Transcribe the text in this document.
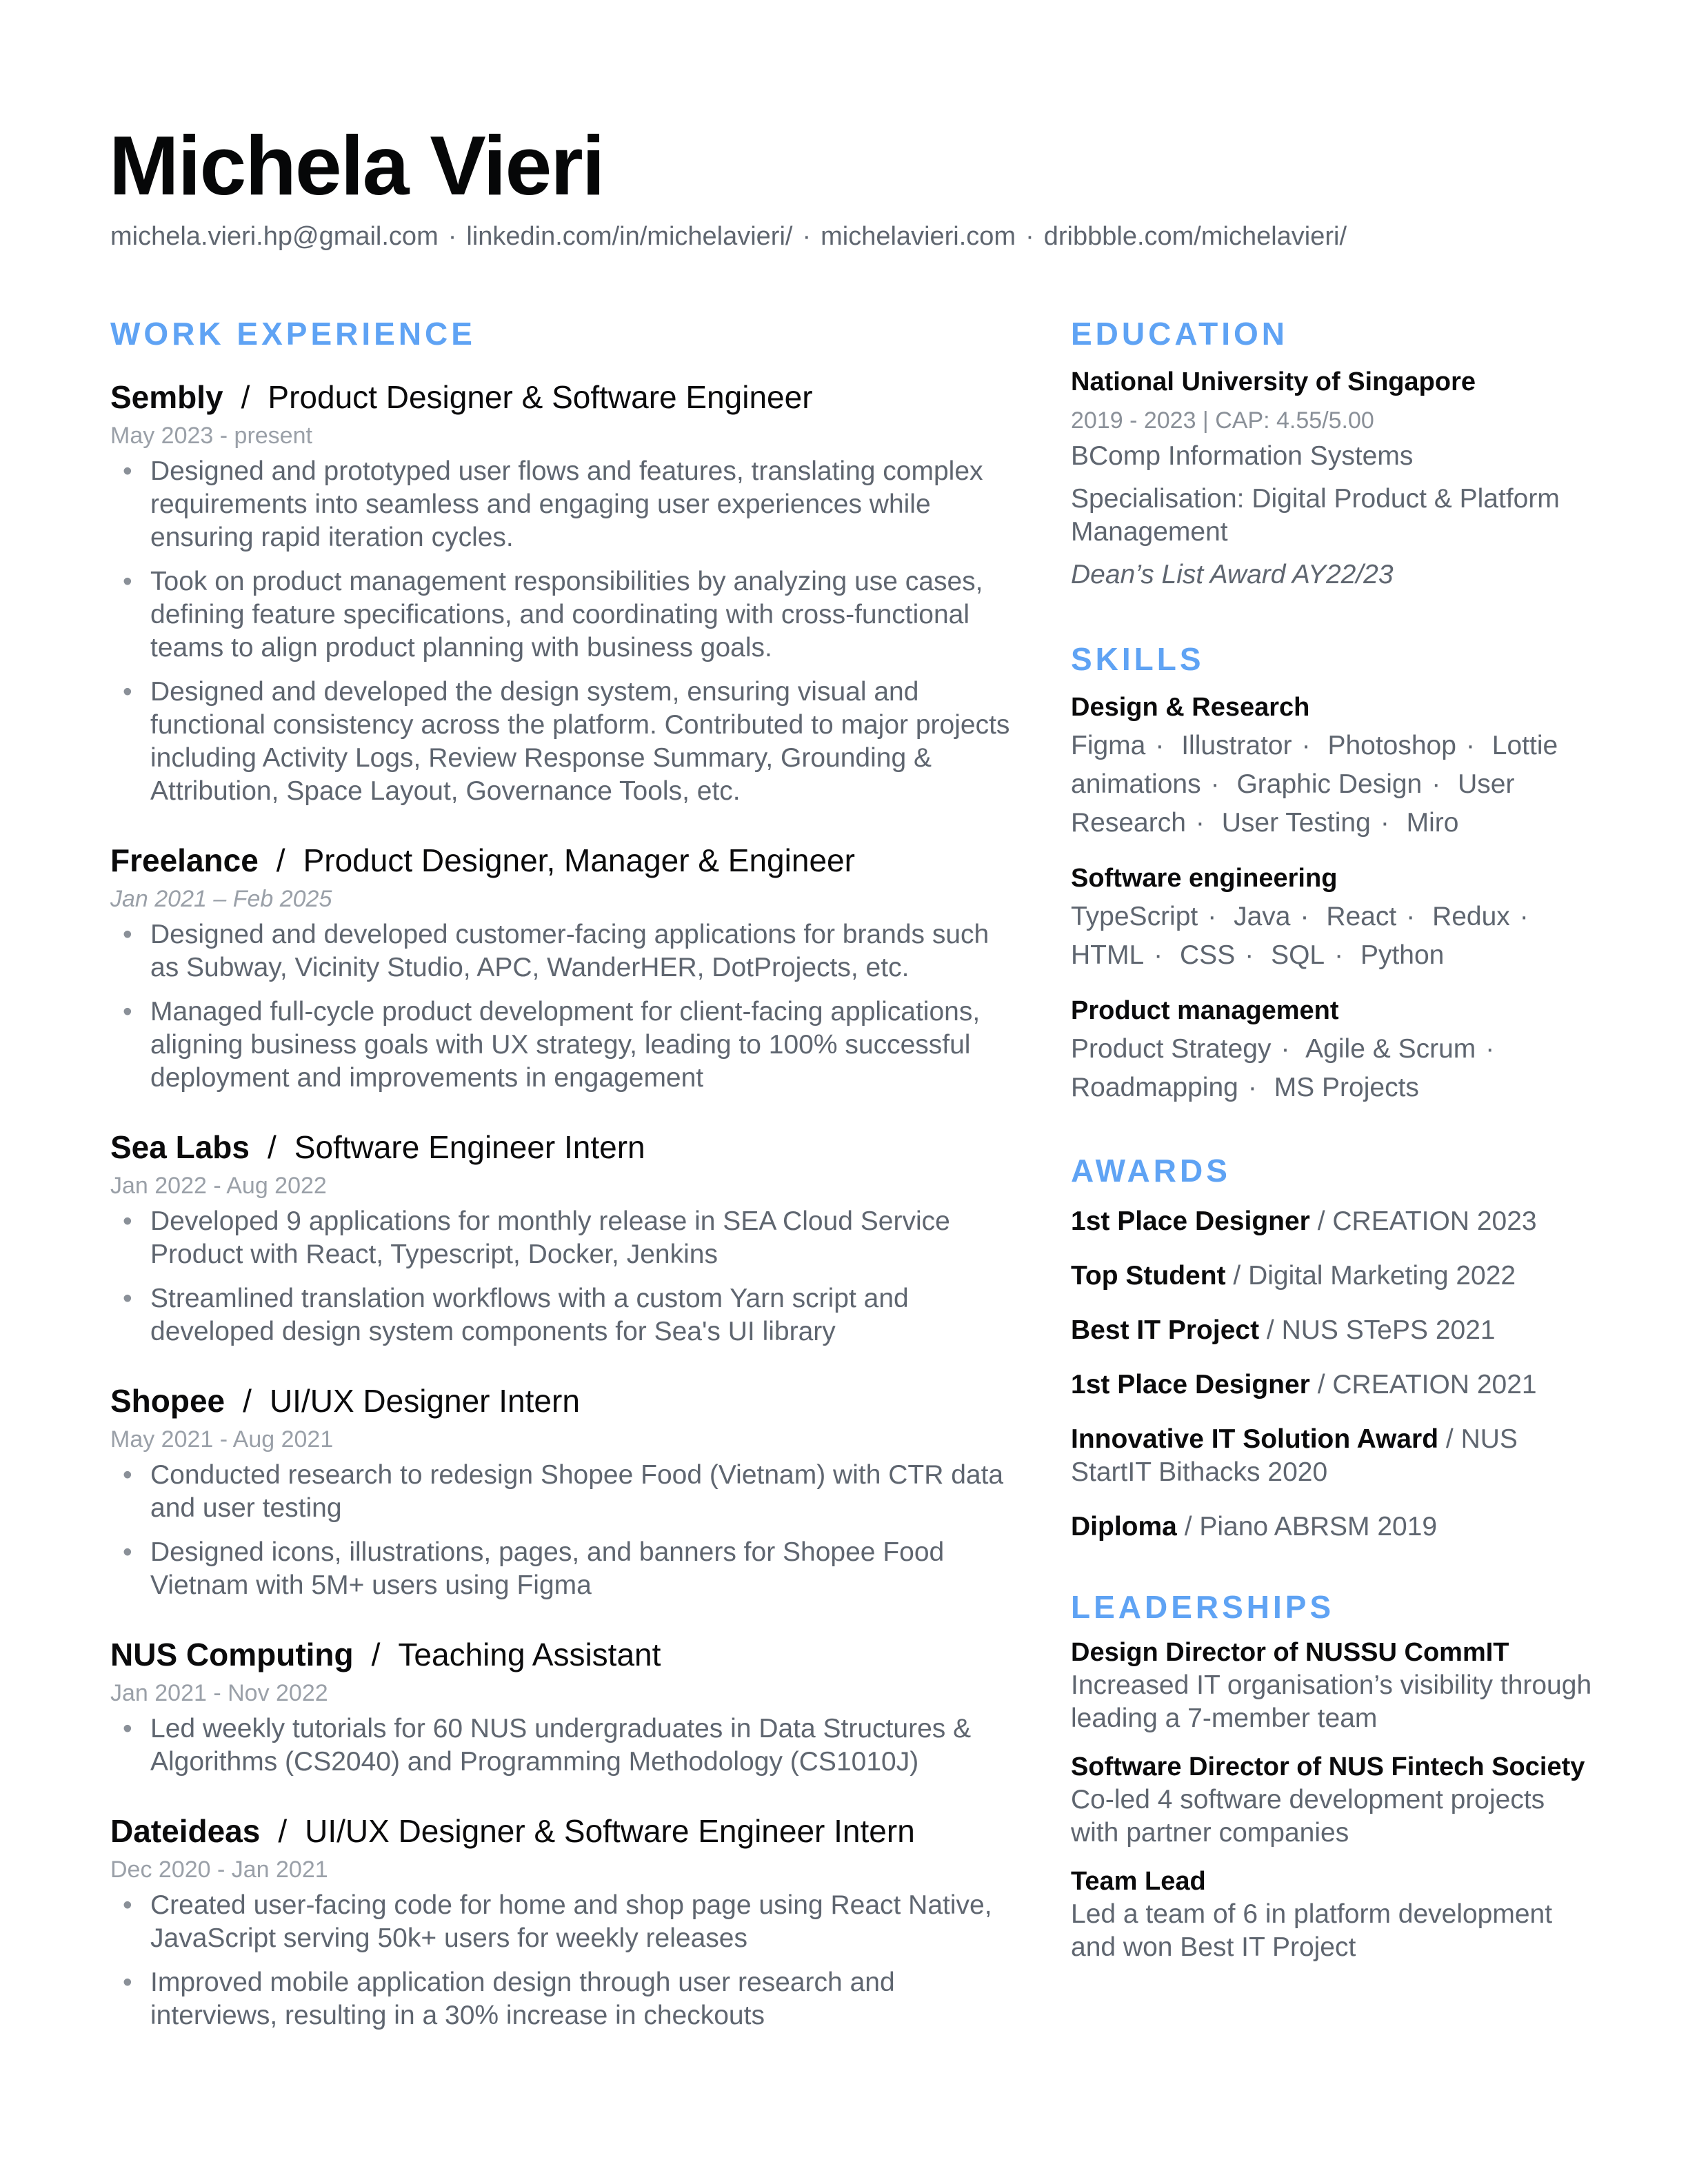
Michela Vieri
michela.vieri.hp@gmail.com · linkedin.com/in/michelavieri/ · michelavieri.com · dribbble.com/michelavieri/
WORK EXPERIENCE
Sembly / Product Designer & Software Engineer
May 2023 - present
• Designed and prototyped user flows and features, translating complex requirements into seamless and engaging user experiences while ensuring rapid iteration cycles.
• Took on product management responsibilities by analyzing use cases, defining feature specifications, and coordinating with cross-functional teams to align product planning with business goals.
• Designed and developed the design system, ensuring visual and functional consistency across the platform. Contributed to major projects including Activity Logs, Review Response Summary, Grounding & Attribution, Space Layout, Governance Tools, etc.
Freelance / Product Designer, Manager & Engineer
Jan 2021 – Feb 2025
• Designed and developed customer-facing applications for brands such as Subway, Vicinity Studio, APC, WanderHER, DotProjects, etc.
• Managed full-cycle product development for client-facing applications, aligning business goals with UX strategy, leading to 100% successful deployment and improvements in engagement
Sea Labs / Software Engineer Intern
Jan 2022 - Aug 2022
• Developed 9 applications for monthly release in SEA Cloud Service Product with React, Typescript, Docker, Jenkins
• Streamlined translation workflows with a custom Yarn script and developed design system components for Sea's UI library
Shopee / UI/UX Designer Intern
May 2021 - Aug 2021
• Conducted research to redesign Shopee Food (Vietnam) with CTR data and user testing
• Designed icons, illustrations, pages, and banners for Shopee Food Vietnam with 5M+ users using Figma
NUS Computing / Teaching Assistant
Jan 2021 - Nov 2022
• Led weekly tutorials for 60 NUS undergraduates in Data Structures & Algorithms (CS2040) and Programming Methodology (CS1010J)
Dateideas / UI/UX Designer & Software Engineer Intern
Dec 2020 - Jan 2021
• Created user-facing code for home and shop page using React Native, JavaScript serving 50k+ users for weekly releases
• Improved mobile application design through user research and interviews, resulting in a 30% increase in checkouts
EDUCATION
National University of Singapore
2019 - 2023 | CAP: 4.55/5.00
BComp Information Systems
Specialisation: Digital Product & Platform Management
Dean’s List Award AY22/23
SKILLS
Design & Research
Figma · Illustrator · Photoshop · Lottie animations · Graphic Design · User Research · User Testing · Miro
Software engineering
TypeScript · Java · React · Redux · HTML · CSS · SQL · Python
Product management
Product Strategy · Agile & Scrum · Roadmapping · MS Projects
AWARDS
1st Place Designer / CREATION 2023
Top Student / Digital Marketing 2022
Best IT Project / NUS STePS 2021
1st Place Designer / CREATION 2021
Innovative IT Solution Award / NUS StartIT Bithacks 2020
Diploma / Piano ABRSM 2019
LEADERSHIPS
Design Director of NUSSU CommIT
Increased IT organisation’s visibility through leading a 7-member team
Software Director of NUS Fintech Society
Co-led 4 software development projects with partner companies
Team Lead
Led a team of 6 in platform development and won Best IT Project
